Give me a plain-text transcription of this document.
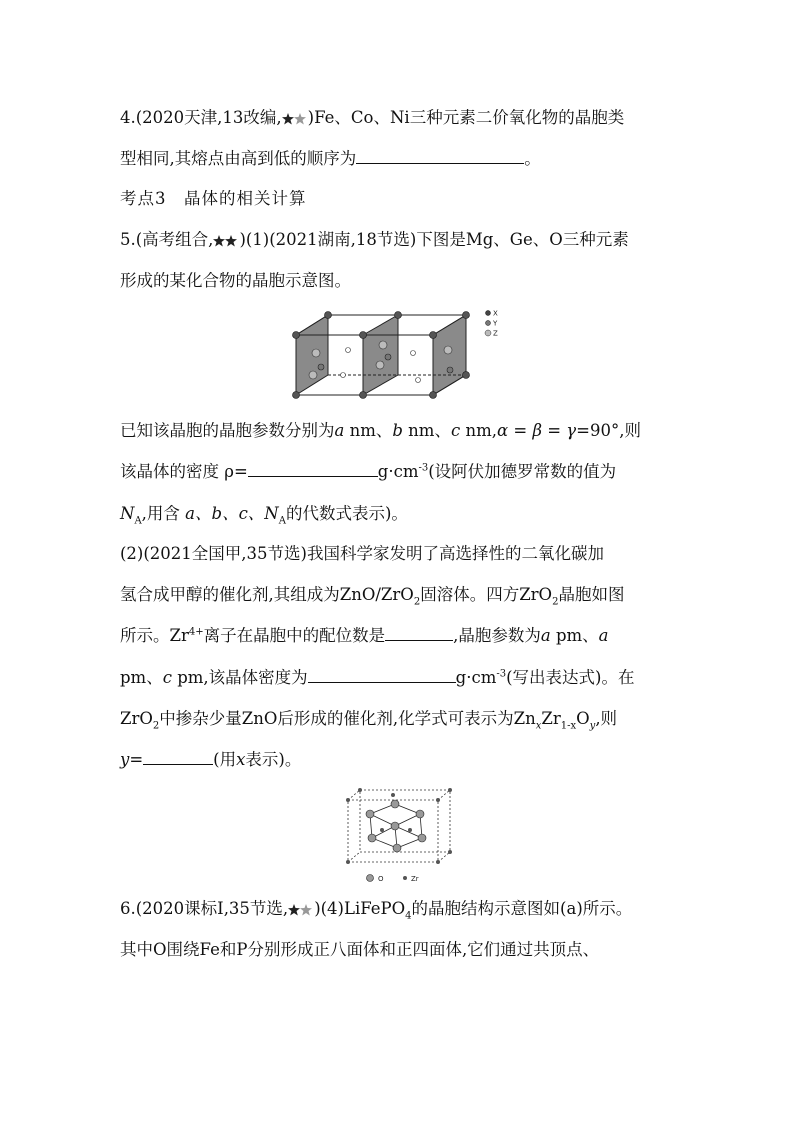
4.(2020天津,13改编, )Fe、Co、Ni三种元素二价氧化物的晶胞类
型相同,其熔点由高到低的顺序为	。
考点3　晶体的相关计算
5.(高考组合, )(1)(2021湖南,18节选)下图是Mg、Ge、O三种元素
形成的某化合物的晶胞示意图。
X
Y
Z
已知该晶胞的晶胞参数分别为a nm、b nm、c nm,α = β = γ=90°,则
该晶体的密度 ρ=	$g\cdot cm^{-3}$(设阿伏加德罗常数的值为
$N_A$,用含 a、b、c、$N_A$的代数式表示)。
(2)(2021全国甲,35节选)我国科学家发明了高选择性的二氧化碳加
氢合成甲醇的催化剂,其组成为ZnO/ZrO$_2$固溶体。四方ZrO$_2$晶胞如图
所示。$Zr^{4+}$离子在晶胞中的配位数是	,晶胞参数为a pm、a
pm、c pm,该晶体密度为	$g\cdot cm^{-3}$(写出表达式)。在
ZrO$_2$中掺杂少量ZnO后形成的催化剂,化学式可表示为$Zn_xZr_{1-x}O_y$,则
y=	(用x表示)。
O	Zr
6.(2020课标Ⅰ,35节选, )(4)LiFePO$_4$的晶胞结构示意图如(a)所示。
其中O围绕Fe和P分别形成正八面体和正四面体,它们通过共顶点、
